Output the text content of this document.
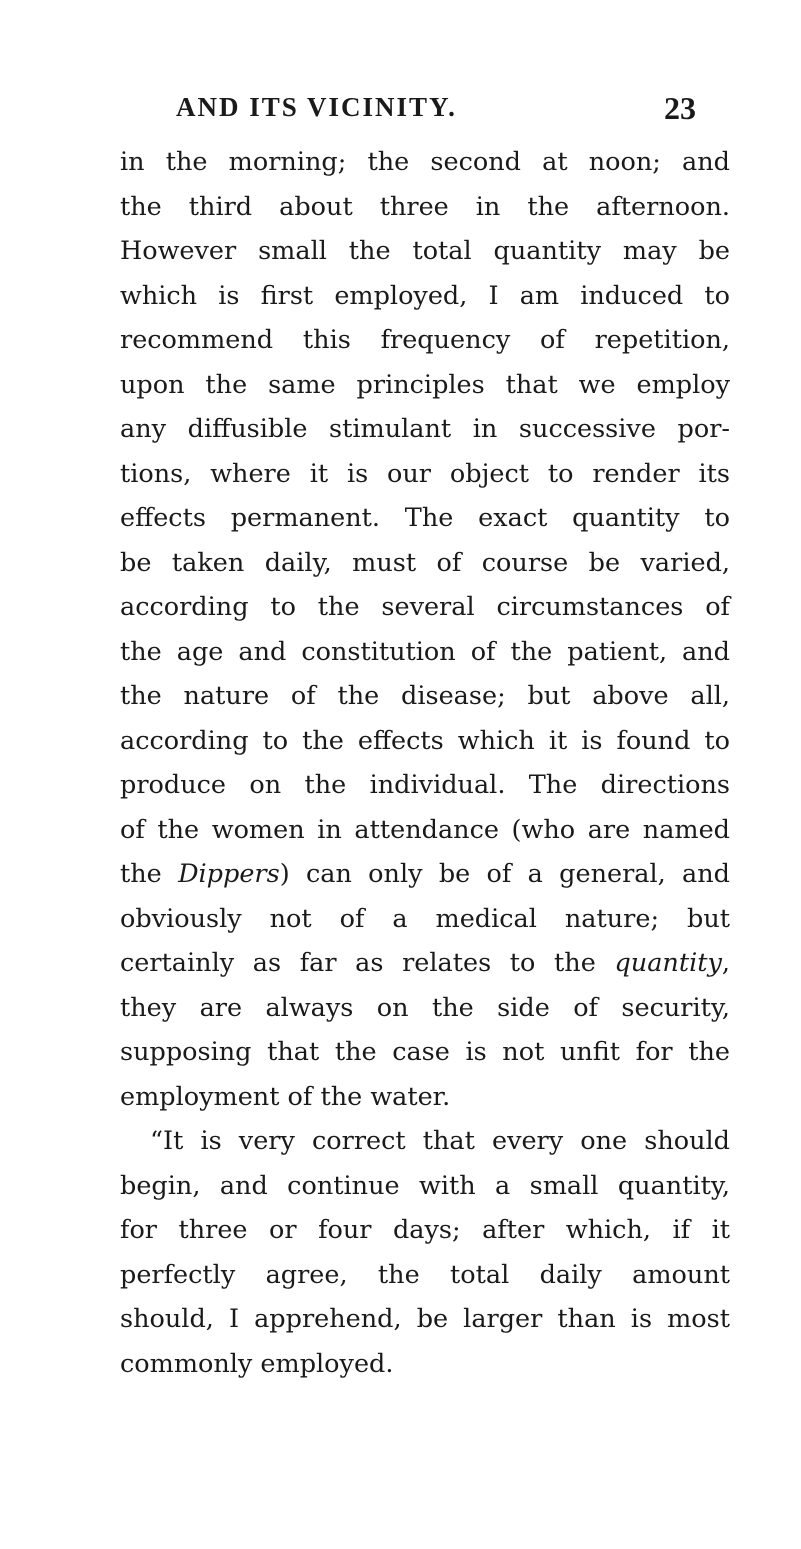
AND ITS VICINITY.	23
in the morning; the second at noon; and
the third about three in the afternoon.
However small the total quantity may be
which is first employed, I am induced to
recommend this frequency of repetition,
upon the same principles that we employ
any diffusible stimulant in successive por-
tions, where it is our object to render its
effects permanent. The exact quantity to
be taken daily, must of course be varied,
according to the several circumstances of
the age and constitution of the patient, and
the nature of the disease; but above all,
according to the effects which it is found to
produce on the individual. The directions
of the women in attendance (who are named
the Dippers) can only be of a general, and
obviously not of a medical nature; but
certainly as far as relates to the quantity,
they are always on the side of security,
supposing that the case is not unfit for the
employment of the water.
“It is very correct that every one should
begin, and continue with a small quantity,
for three or four days; after which, if it
perfectly agree, the total daily amount
should, I apprehend, be larger than is most
commonly employed.
